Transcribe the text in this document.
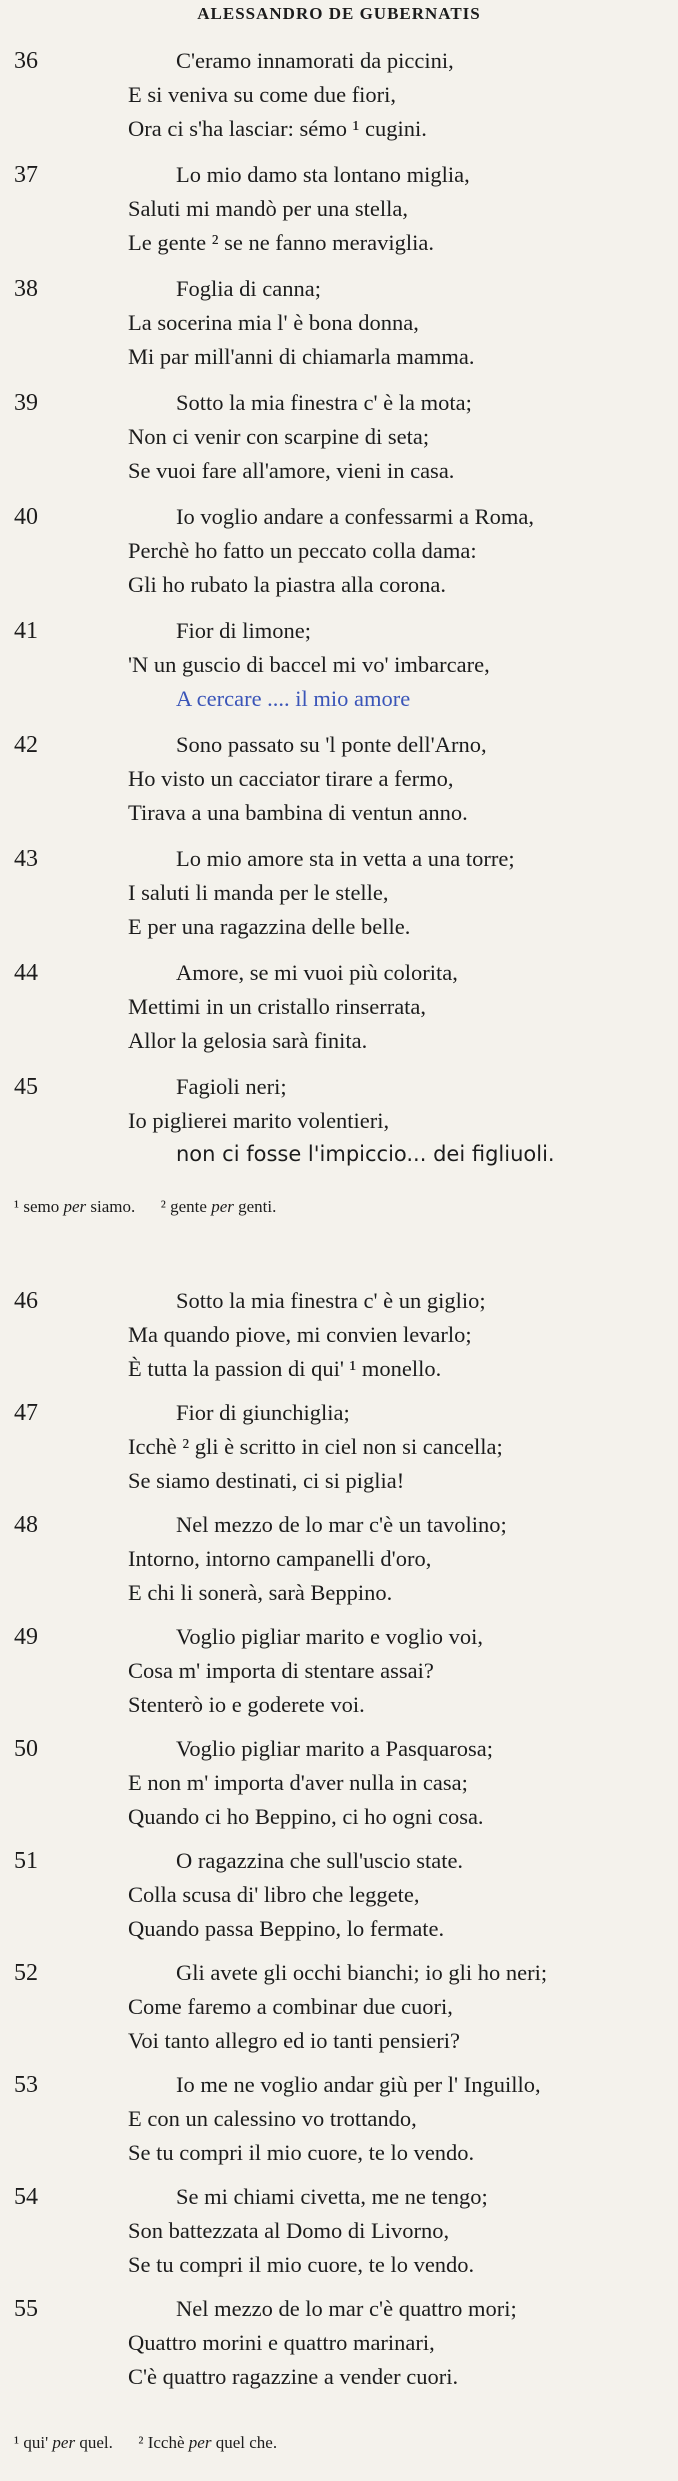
ALESSANDRO DE GUBERNATIS
36	C'eramo innamorati da piccini,
E si veniva su come due fiori,
Ora ci s'ha lasciar: sémo ¹ cugini.
37	Lo mio damo sta lontano miglia,
Saluti mi mandò per una stella,
Le gente ² se ne fanno meraviglia.
38	Foglia di canna;
La socerina mia l' è bona donna,
Mi par mill'anni di chiamarla mamma.
39	Sotto la mia finestra c' è la mota;
Non ci venir con scarpine di seta;
Se vuoi fare all'amore, vieni in casa.
40	Io voglio andare a confessarmi a Roma,
Perchè ho fatto un peccato colla dama:
Gli ho rubato la piastra alla corona.
41	Fior di limone;
'N un guscio di baccel mi vo' imbarcare,
A cercare .... il mio amore
42	Sono passato su 'l ponte dell'Arno,
Ho visto un cacciator tirare a fermo,
Tirava a una bambina di ventun anno.
43	Lo mio amore sta in vetta a una torre;
I saluti li manda per le stelle,
E per una ragazzina delle belle.
44	Amore, se mi vuoi più colorita,
Mettimi in un cristallo rinserrata,
Allor la gelosia sarà finita.
45	Fagioli neri;
Io piglierei marito volentieri,
non ci fosse l'impiccio... dei figliuoli.
¹ semo per siamo. ² gente per genti.
46	Sotto la mia finestra c' è un giglio;
Ma quando piove, mi convien levarlo;
È tutta la passion di qui' ¹ monello.
47	Fior di giunchiglia;
Icchè ² gli è scritto in ciel non si cancella;
Se siamo destinati, ci si piglia!
48	Nel mezzo de lo mar c'è un tavolino;
Intorno, intorno campanelli d'oro,
E chi li sonerà, sarà Beppino.
49	Voglio pigliar marito e voglio voi,
Cosa m' importa di stentare assai?
Stenterò io e goderete voi.
50	Voglio pigliar marito a Pasquarosa;
E non m' importa d'aver nulla in casa;
Quando ci ho Beppino, ci ho ogni cosa.
51	O ragazzina che sull'uscio state.
Colla scusa di' libro che leggete,
Quando passa Beppino, lo fermate.
52	Gli avete gli occhi bianchi; io gli ho neri;
Come faremo a combinar due cuori,
Voi tanto allegro ed io tanti pensieri?
53	Io me ne voglio andar giù per l' Inguillo,
E con un calessino vo trottando,
Se tu compri il mio cuore, te lo vendo.
54	Se mi chiami civetta, me ne tengo;
Son battezzata al Domo di Livorno,
Se tu compri il mio cuore, te lo vendo.
55	Nel mezzo de lo mar c'è quattro mori;
Quattro morini e quattro marinari,
C'è quattro ragazzine a vender cuori.
¹ qui' per quel. ² Icchè per quel che.
